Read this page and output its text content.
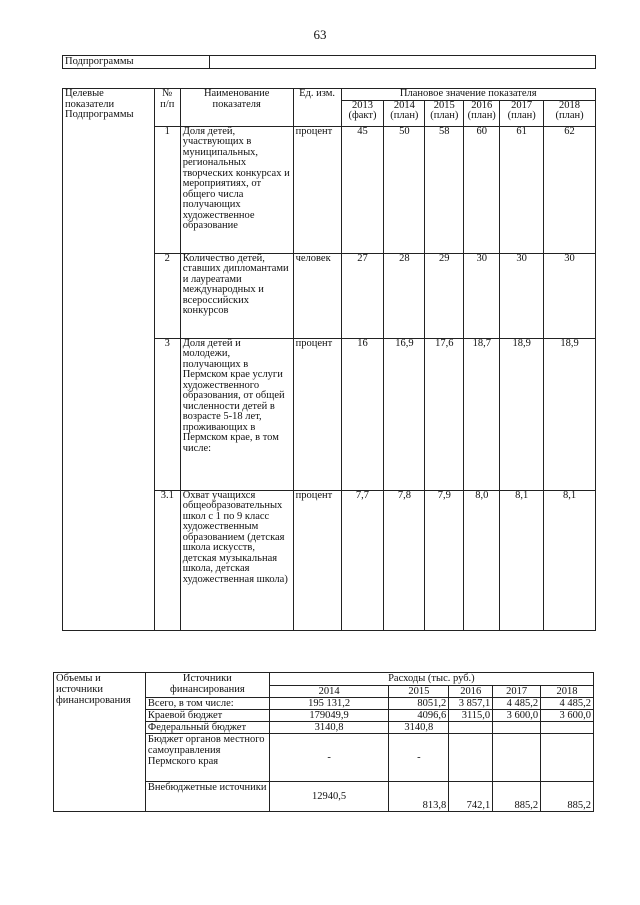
63
Подпрограммы	
Целевые показатели Подпрограммы	№ п/п	Наименование показателя	Ед. изм.	Плановое значение показателя					
				2013 (факт)	2014 (план)	2015 (план)	2016 (план)	2017 (план)	2018 (план)
	1	Доля детей, участвующих в муниципальных, региональных творческих конкурсах и мероприятиях, от общего числа получающих художественное образование	процент	45	50	58	60	61	62
	2	Количество детей, ставших дипломантами и лауреатами международных и всероссийских конкурсов	человек	27	28	29	30	30	30
	3	Доля детей и молодежи, получающих в Пермском крае услуги художественного образования, от общей численности детей в возрасте 5-18 лет, проживающих в Пермском крае, в том числе:	процент	16	16,9	17,6	18,7	18,9	18,9
	3.1	Охват учащихся общеобразовательных школ с 1 по 9 класс художественным образованием (детская школа искусств, детская музыкальная школа, детская художественная школа)	процент	7,7	7,8	7,9	8,0	8,1	8,1
Объемы и источники финансирования	Источники финансирования	Расходы (тыс. руб.)				
		2014	2015	2016	2017	2018
	Всего, в том числе:	195 131,2	8051,2	3 857,1	4 485,2	4 485,2
	Краевой бюджет	179049,9	4096,6	3115,0	3 600,0	3 600,0
	Федеральный бюджет	3140,8	3140,8			
	Бюджет органов местного самоуправления Пермского края	-	-			
	Внебюджетные источники	12940,5	813,8	742,1	885,2	885,2
